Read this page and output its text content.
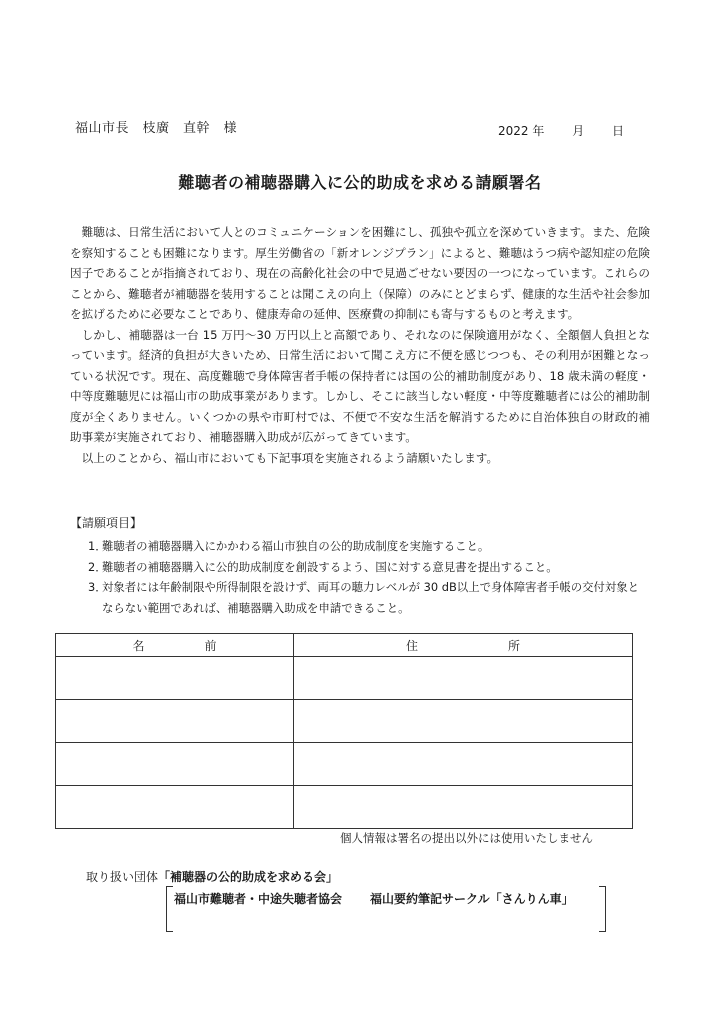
福山市長　枝廣　直幹　様	2022 年 月 日
難聴者の補聴器購入に公的助成を求める請願署名

難聴は、日常生活において人とのコミュニケーションを困難にし、孤独や孤立を深めていきます。また、危険を察知することも困難になります。厚生労働省の「新オレンジプラン」によると、難聴はうつ病や認知症の危険因子であることが指摘されており、現在の高齢化社会の中で見過ごせない要因の一つになっています。これらのことから、難聴者が補聴器を装用することは聞こえの向上（保障）のみにとどまらず、健康的な生活や社会参加を拡げるために必要なことであり、健康寿命の延伸、医療費の抑制にも寄与するものと考えます。

しかし、補聴器は一台 15 万円～30 万円以上と高額であり、それなのに保険適用がなく、全額個人負担となっています。経済的負担が大きいため、日常生活において聞こえ方に不便を感じつつも、その利用が困難となっている状況です。現在、高度難聴で身体障害者手帳の保持者には国の公的補助制度があり、18 歳未満の軽度・中等度難聴児には福山市の助成事業があります。しかし、そこに該当しない軽度・中等度難聴者には公的補助制度が全くありません。いくつかの県や市町村では、不便で不安な生活を解消するために自治体独自の財政的補助事業が実施されており、補聴器購入助成が広がってきています。

以上のことから、福山市においても下記事項を実施されるよう請願いたします。

【請願項目】
1．
難聴者の補聴器購入にかかわる福山市独自の公的助成制度を実施すること。
2．
難聴者の補聴器購入に公的助成制度を創設するよう、国に対する意見書を提出すること。
3．
対象者には年齢制限や所得制限を設けず、両耳の聴力レベルが 30 dB以上で身体障害者手帳の交付対象とならない範囲であれば、補聴器購入助成を申請できること。
名 前	住 所

個人情報は署名の提出以外には使用いたしません
取り扱い団体「補聴器の公的助成を求める会」
福山市難聴者・中途失聴者協会 福山要約筆記サークル「さんりん車」
